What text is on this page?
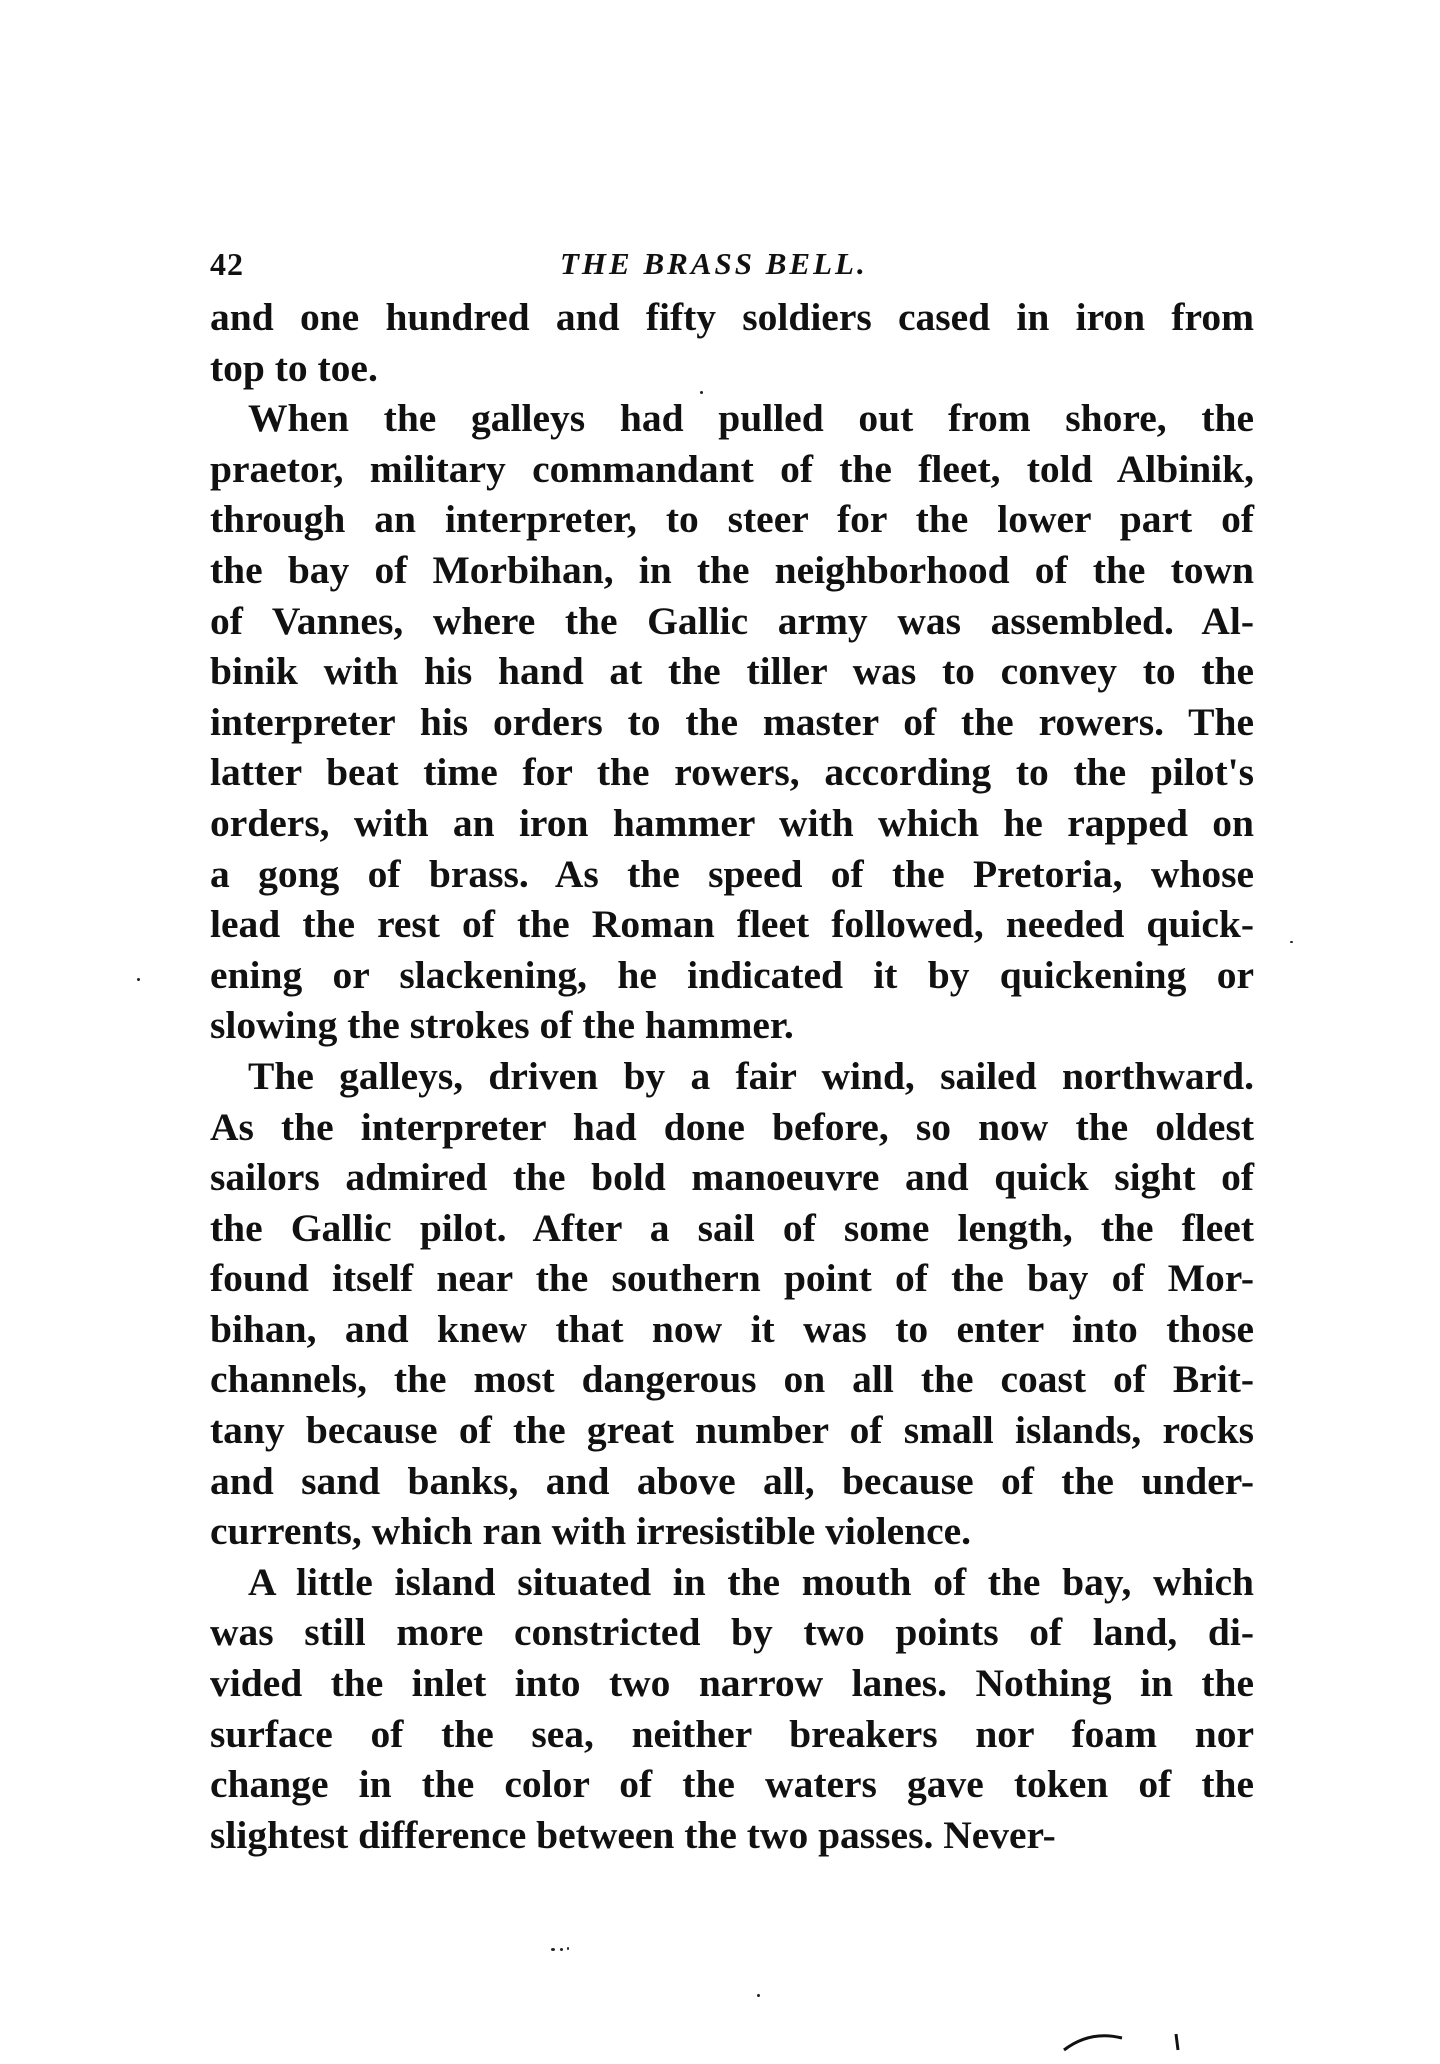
42	THE BRASS BELL.
and one hundred and fifty soldiers cased in iron from
top to toe.
When the galleys had pulled out from shore, the
praetor, military commandant of the fleet, told Albinik,
through an interpreter, to steer for the lower part of
the bay of Morbihan, in the neighborhood of the town
of Vannes, where the Gallic army was assembled. Al-
binik with his hand at the tiller was to convey to the
interpreter his orders to the master of the rowers. The
latter beat time for the rowers, according to the pilot's
orders, with an iron hammer with which he rapped on
a gong of brass. As the speed of the Pretoria, whose
lead the rest of the Roman fleet followed, needed quick-
ening or slackening, he indicated it by quickening or
slowing the strokes of the hammer.
The galleys, driven by a fair wind, sailed northward.
As the interpreter had done before, so now the oldest
sailors admired the bold manoeuvre and quick sight of
the Gallic pilot. After a sail of some length, the fleet
found itself near the southern point of the bay of Mor-
bihan, and knew that now it was to enter into those
channels, the most dangerous on all the coast of Brit-
tany because of the great number of small islands, rocks
and sand banks, and above all, because of the under-
currents, which ran with irresistible violence.
A little island situated in the mouth of the bay, which
was still more constricted by two points of land, di-
vided the inlet into two narrow lanes. Nothing in the
surface of the sea, neither breakers nor foam nor
change in the color of the waters gave token of the
slightest difference between the two passes. Never-
